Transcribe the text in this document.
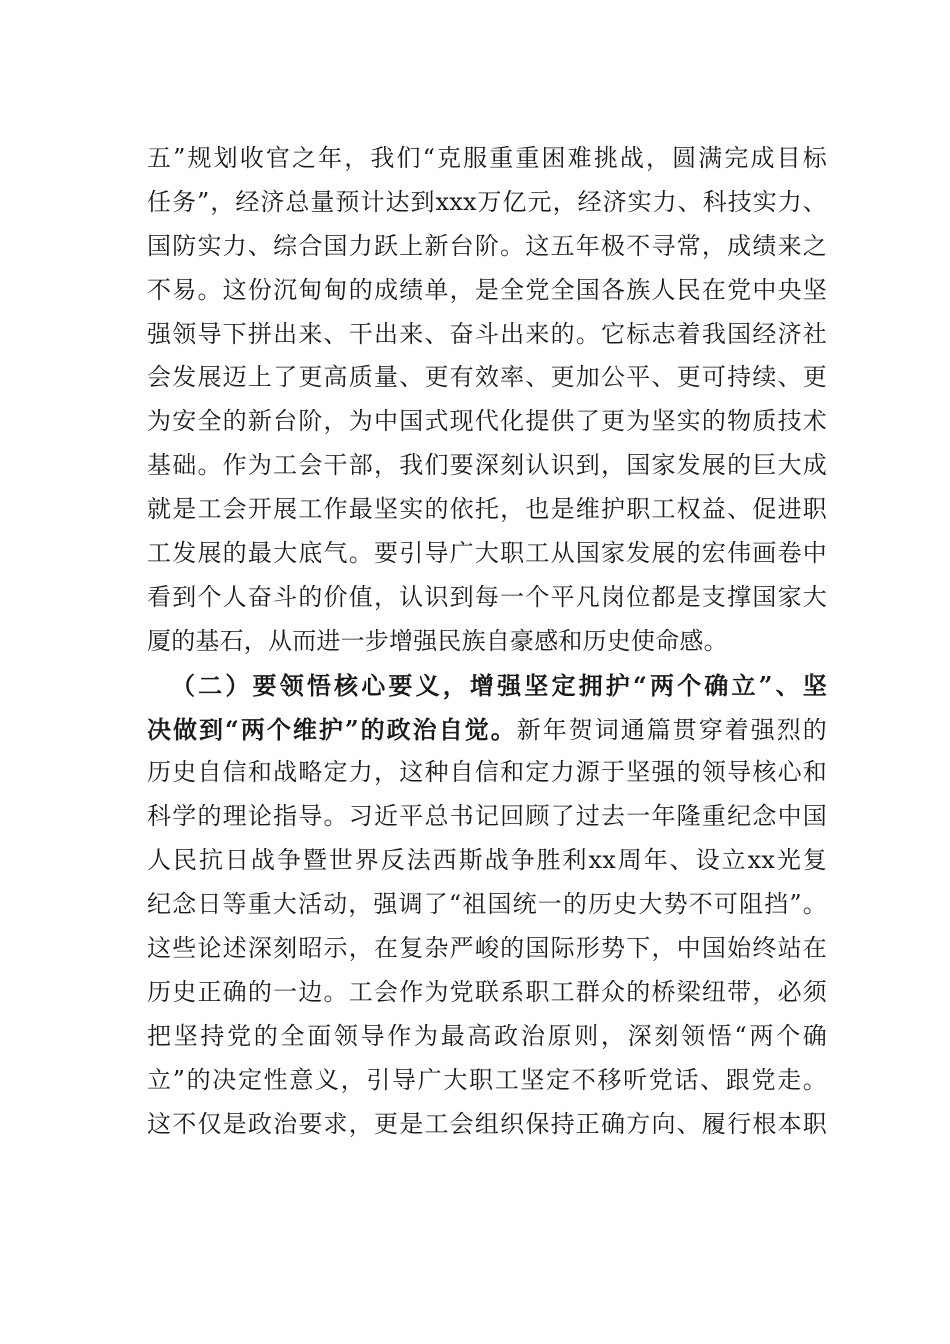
五”规划收官之年，我们“克服重重困难挑战，圆满完成目标
任务”，经济总量预计达到xxx万亿元，经济实力、科技实力、
国防实力、综合国力跃上新台阶。这五年极不寻常，成绩来之
不易。这份沉甸甸的成绩单，是全党全国各族人民在党中央坚
强领导下拼出来、干出来、奋斗出来的。它标志着我国经济社
会发展迈上了更高质量、更有效率、更加公平、更可持续、更
为安全的新台阶，为中国式现代化提供了更为坚实的物质技术
基础。作为工会干部，我们要深刻认识到，国家发展的巨大成
就是工会开展工作最坚实的依托，也是维护职工权益、促进职
工发展的最大底气。要引导广大职工从国家发展的宏伟画卷中
看到个人奋斗的价值，认识到每一个平凡岗位都是支撑国家大
厦的基石，从而进一步增强民族自豪感和历史使命感。
（二）要领悟核心要义，增强坚定拥护“两个确立”、坚
决做到“两个维护”的政治自觉。新年贺词通篇贯穿着强烈的
历史自信和战略定力，这种自信和定力源于坚强的领导核心和
科学的理论指导。习近平总书记回顾了过去一年隆重纪念中国
人民抗日战争暨世界反法西斯战争胜利xx周年、设立xx光复
纪念日等重大活动，强调了“祖国统一的历史大势不可阻挡”。
这些论述深刻昭示，在复杂严峻的国际形势下，中国始终站在
历史正确的一边。工会作为党联系职工群众的桥梁纽带，必须
把坚持党的全面领导作为最高政治原则，深刻领悟“两个确
立”的决定性意义，引导广大职工坚定不移听党话、跟党走。
这不仅是政治要求，更是工会组织保持正确方向、履行根本职
